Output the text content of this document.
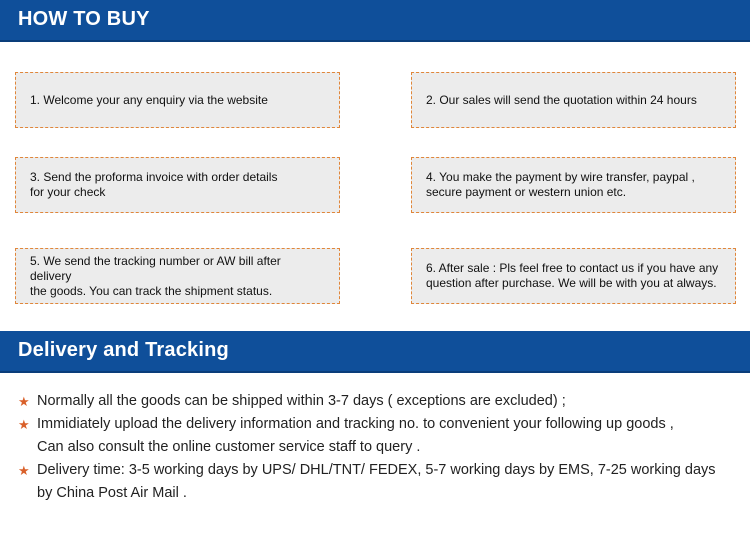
HOW TO BUY
1. Welcome your any enquiry via the website	2. Our sales will send the quotation within 24 hours
3. Send the proforma invoice with order details
for your check
4. You make the payment by wire transfer, paypal ,
secure payment or western union etc.
5. We send the tracking number or AW bill after delivery
the goods. You can track the shipment status.
6. After sale : Pls feel free to contact us if you have any
question after purchase. We will be with you at always.
Delivery and Tracking
★ Normally all the goods can be shipped within 3-7 days ( exceptions are excluded) ;
★ Immidiately upload the delivery information and tracking no. to convenient your following up goods ,
Can also consult the online customer service staff to query .
★ Delivery time: 3-5 working days by UPS/ DHL/TNT/ FEDEX, 5-7 working days by EMS, 7-25 working days
by China Post Air Mail .
